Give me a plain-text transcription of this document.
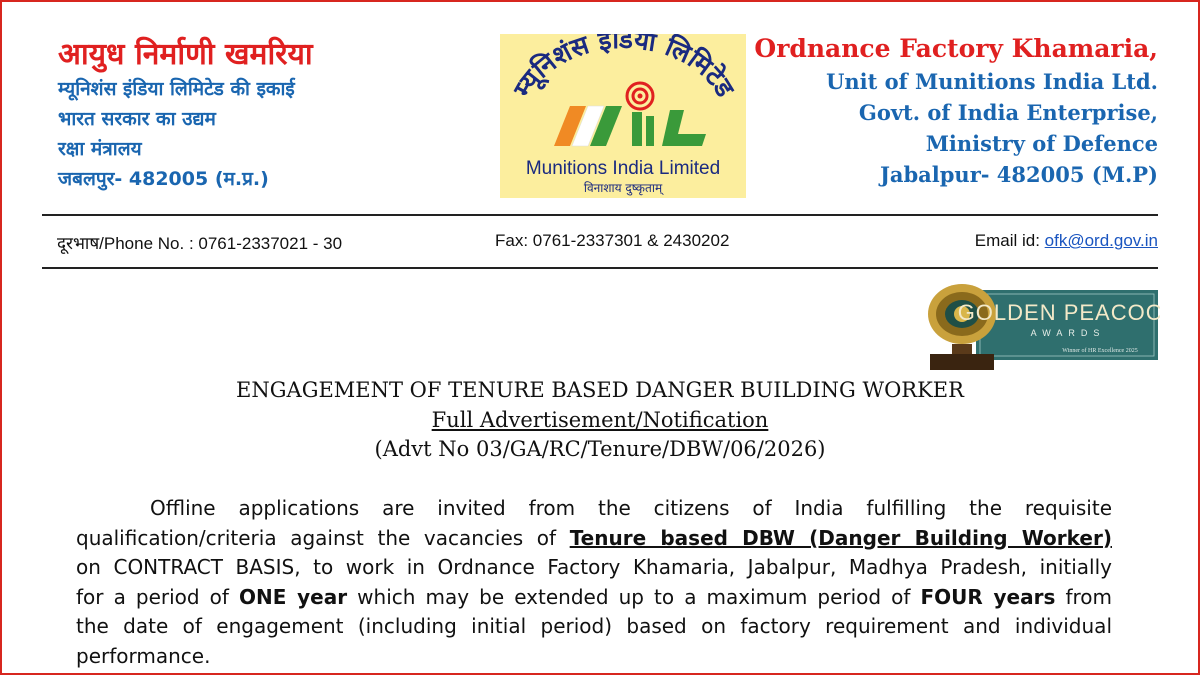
आयुध निर्माणी खमरिया
म्यूनिशंस इंडिया लिमिटेड की इकाई
भारत सरकार का उद्यम
रक्षा मंत्रालय
जबलपुर- 482005 (म.प्र.)
म्यूनिशंस इंडिया लिमिटेड
Munitions India Limited
विनाशाय दुष्कृताम्
Ordnance Factory Khamaria,
Unit of Munitions India Ltd.
Govt. of India Enterprise,
Ministry of Defence
Jabalpur- 482005 (M.P)
दूरभाष/Phone No. : 0761-2337021 - 30	Fax: 0761-2337301 & 2430202	Email id: ofk@ord.gov.in
GOLDEN PEACOCK
AWARDS
Winner of HR Excellence 2025
ENGAGEMENT OF TENURE BASED DANGER BUILDING WORKER
Full Advertisement/Notification
(Advt No 03/GA/RC/Tenure/DBW/06/2026)
Offline applications are invited from the citizens of India fulfilling the requisite
qualification/criteria against the vacancies of Tenure based DBW (Danger Building Worker)
on CONTRACT BASIS, to work in Ordnance Factory Khamaria, Jabalpur, Madhya Pradesh, initially
for a period of ONE year which may be extended up to a maximum period of FOUR years from
the date of engagement (including initial period) based on factory requirement and individual
performance.
